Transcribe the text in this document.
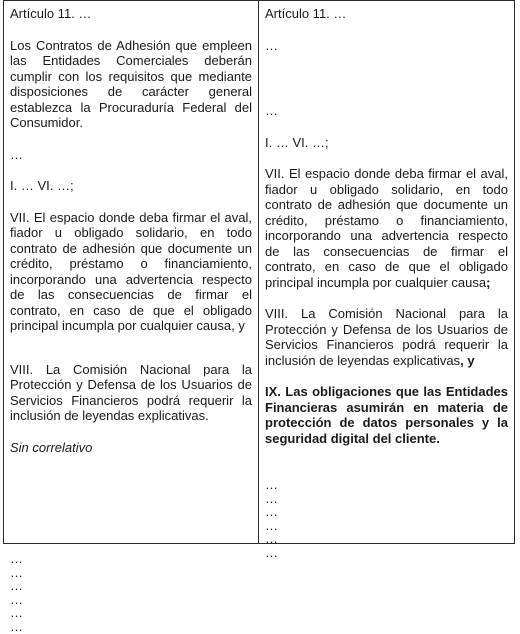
Artículo 11. …

Los Contratos de Adhesión que empleen las Entidades Comerciales deberán cumplir con los requisitos que mediante disposiciones de carácter general establezca la Procuraduría Federal del Consumidor.

…

I. … VI. …;

VII. El espacio donde deba firmar el aval, fiador u obligado solidario, en todo contrato de adhesión que documente un crédito, préstamo o financiamiento, incorporando una advertencia respecto de las consecuencias de firmar el contrato, en caso de que el obligado principal incumpla por cualquier causa, y

VIII. La Comisión Nacional para la Protección y Defensa de los Usuarios de Servicios Financieros podrá requerir la inclusión de leyendas explicativas.

Sin correlativo

…

…

…

…

…

…

Artículo 11. …

…

…

I. … VI. …;

VII. El espacio donde deba firmar el aval, fiador u obligado solidario, en todo contrato de adhesión que documente un crédito, préstamo o financiamiento, incorporando una advertencia respecto de las consecuencias de firmar el contrato, en caso de que el obligado principal incumpla por cualquier causa;

VIII. La Comisión Nacional para la Protección y Defensa de los Usuarios de Servicios Financieros podrá requerir la inclusión de leyendas explicativas, y

IX. Las obligaciones que las Entidades Financieras asumirán en materia de protección de datos personales y la seguridad digital del cliente.

…

…

…

…

…

…
